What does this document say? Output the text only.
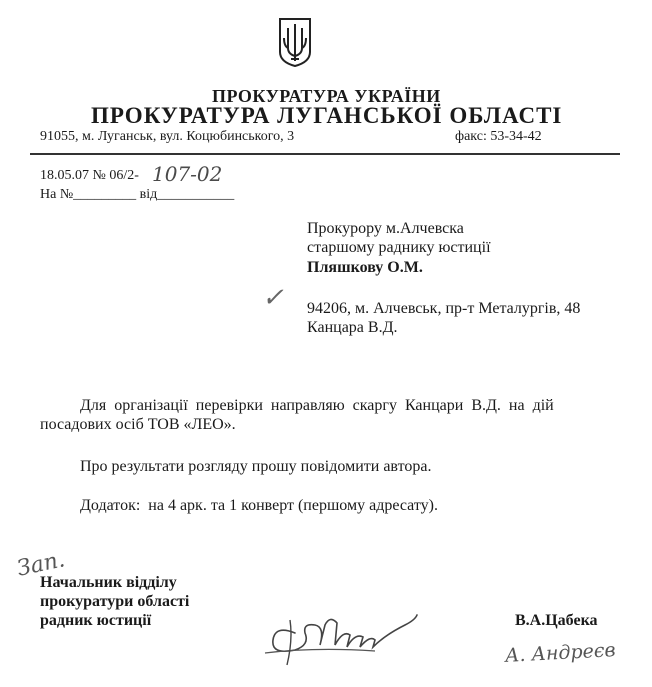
ПРОКУРАТУРА УКРАЇНИ
ПРОКУРАТУРА ЛУГАНСЬКОЇ ОБЛАСТІ
91055, м. Луганськ, вул. Коцюбинського, 3	факс: 53-34-42
18.05.07 № 06/2- 107-02
На №_________ від___________
Прокурору м.Алчевска
старшому раднику юстиції
Пляшкову О.М.
✓ 94206, м. Алчевськ, пр-т Металургів, 48
Канцара В.Д.
Для  організації  перевірки  направляю  скаргу  Канцари  В.Д.  на  дій
посадових осіб ТОВ «ЛЕО».
Про результати розгляду прошу повідомити автора.
Додаток:  на 4 арк. та 1 конверт (першому адресату).
Зап.
Начальник відділу
прокуратури області
радник юстиції	В.А.Цабека
А. Андреєв
